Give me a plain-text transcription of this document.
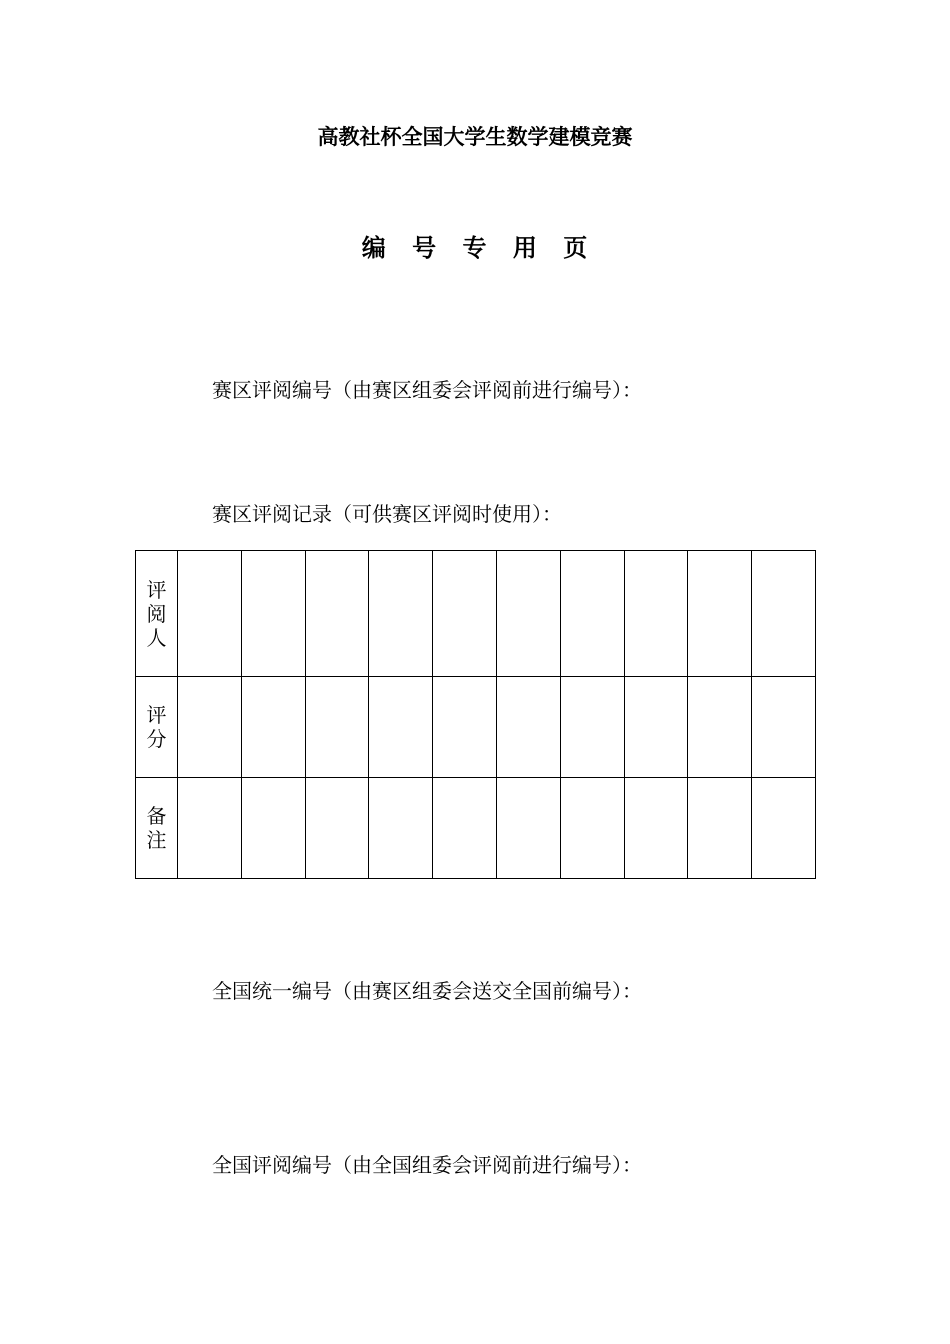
高教社杯全国大学生数学建模竞赛
编 号 专 用 页
赛区评阅编号（由赛区组委会评阅前进行编号）：
赛区评阅记录（可供赛区评阅时使用）：
评阅人										
评分										
备注										
全国统一编号（由赛区组委会送交全国前编号）：
全国评阅编号（由全国组委会评阅前进行编号）：
